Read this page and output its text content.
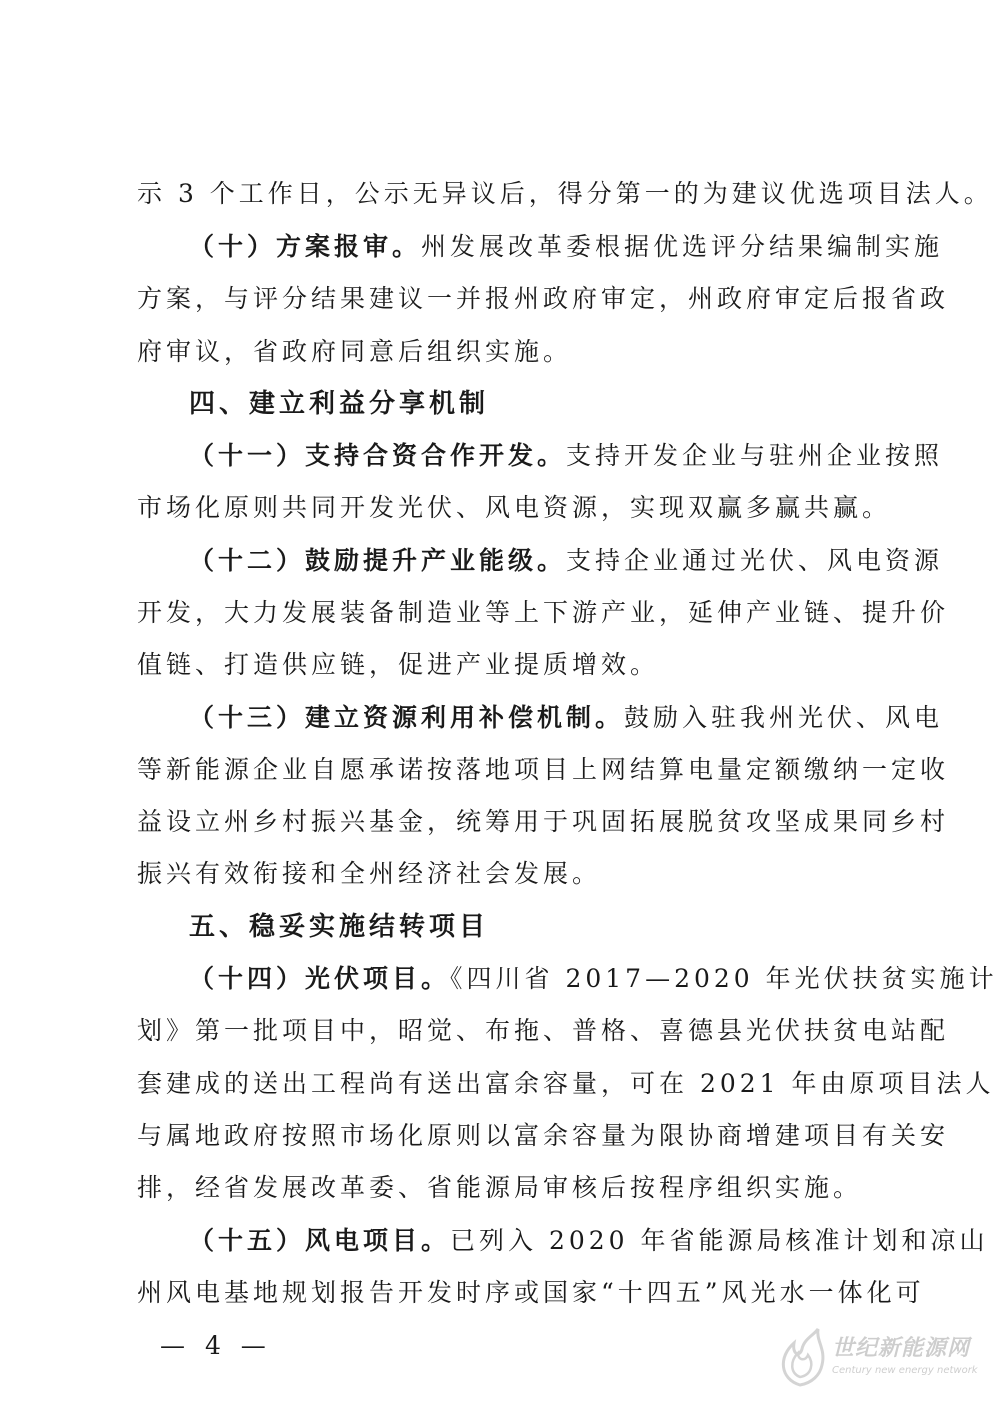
示 3 个工作日，公示无异议后，得分第一的为建议优选项目法人。
（十）方案报审。州发展改革委根据优选评分结果编制实施
方案，与评分结果建议一并报州政府审定，州政府审定后报省政
府审议，省政府同意后组织实施。
四、建立利益分享机制
（十一）支持合资合作开发。支持开发企业与驻州企业按照
市场化原则共同开发光伏、风电资源，实现双赢多赢共赢。
（十二）鼓励提升产业能级。支持企业通过光伏、风电资源
开发，大力发展装备制造业等上下游产业，延伸产业链、提升价
值链、打造供应链，促进产业提质增效。
（十三）建立资源利用补偿机制。鼓励入驻我州光伏、风电
等新能源企业自愿承诺按落地项目上网结算电量定额缴纳一定收
益设立州乡村振兴基金，统筹用于巩固拓展脱贫攻坚成果同乡村
振兴有效衔接和全州经济社会发展。
五、稳妥实施结转项目
（十四）光伏项目。《四川省 2017—2020 年光伏扶贫实施计
划》第一批项目中，昭觉、布拖、普格、喜德县光伏扶贫电站配
套建成的送出工程尚有送出富余容量，可在 2021 年由原项目法人
与属地政府按照市场化原则以富余容量为限协商增建项目有关安
排，经省发展改革委、省能源局审核后按程序组织实施。
（十五）风电项目。已列入 2020 年省能源局核准计划和凉山
州风电基地规划报告开发时序或国家“十四五”风光水一体化可
— 4 —	世纪新能源网
Century new energy network
